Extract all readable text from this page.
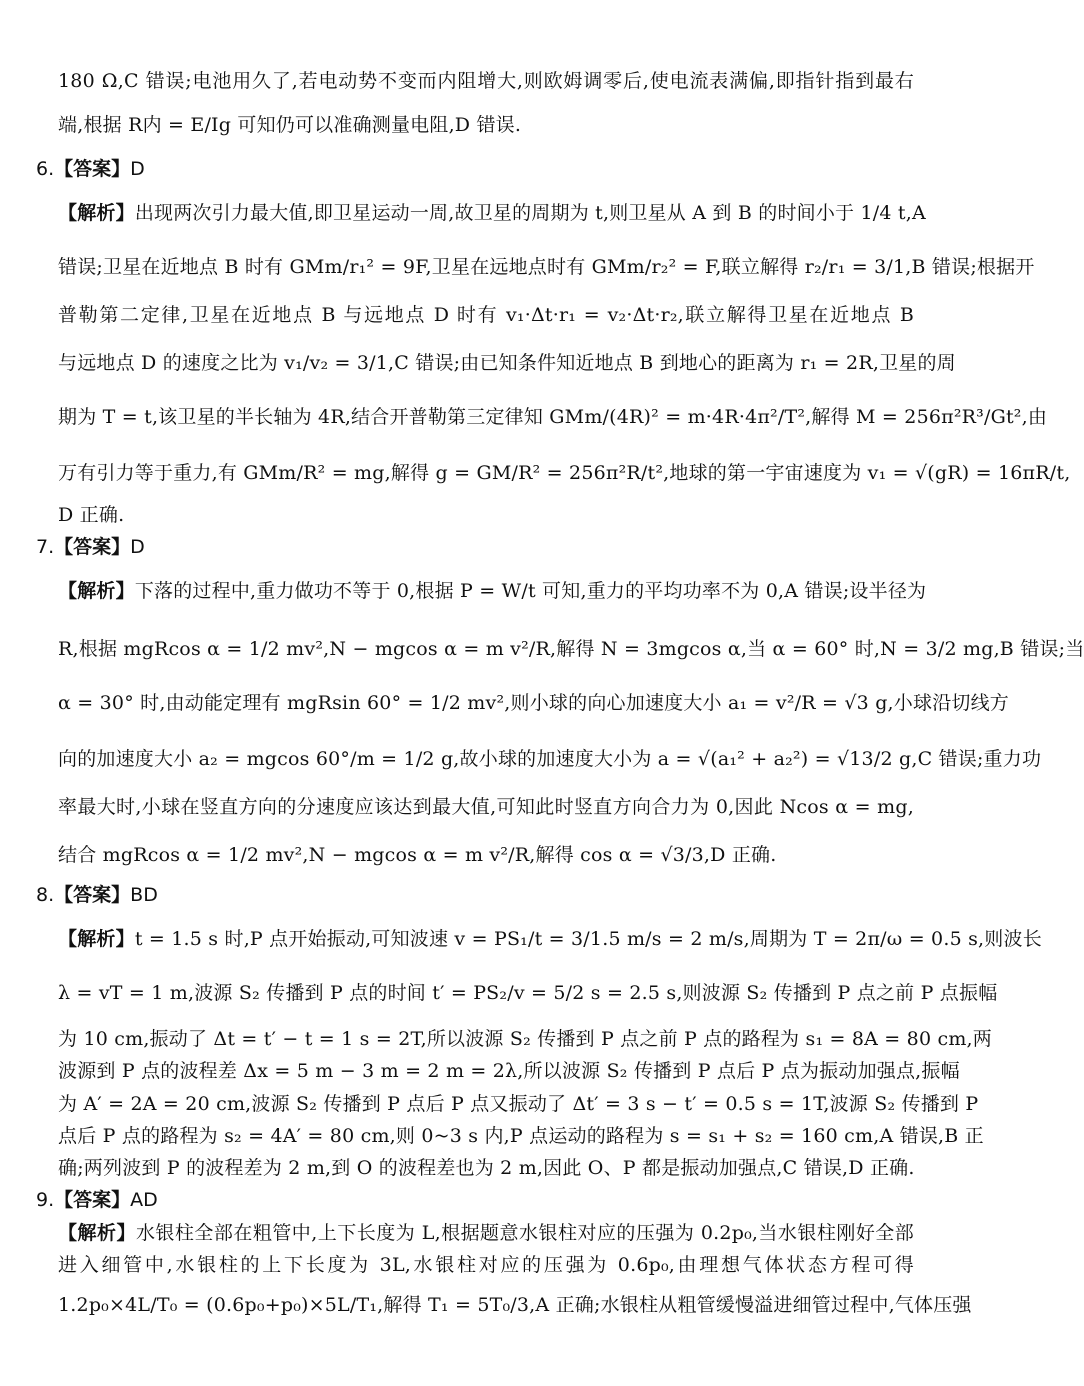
180 Ω,C 错误;电池用久了,若电动势不变而内阻增大,则欧姆调零后,使电流表满偏,即指针指到最右
端,根据 R内 = E/Ig 可知仍可以准确测量电阻,D 错误.
6.【答案】D
【解析】出现两次引力最大值,即卫星运动一周,故卫星的周期为 t,则卫星从 A 到 B 的时间小于 1/4 t,A
错误;卫星在近地点 B 时有 GMm/r₁² = 9F,卫星在远地点时有 GMm/r₂² = F,联立解得 r₂/r₁ = 3/1,B 错误;根据开
普勒第二定律,卫星在近地点 B 与远地点 D 时有 v₁·Δt·r₁ = v₂·Δt·r₂,联立解得卫星在近地点 B
与远地点 D 的速度之比为 v₁/v₂ = 3/1,C 错误;由已知条件知近地点 B 到地心的距离为 r₁ = 2R,卫星的周
期为 T = t,该卫星的半长轴为 4R,结合开普勒第三定律知 GMm/(4R)² = m·4R·4π²/T²,解得 M = 256π²R³/Gt²,由
万有引力等于重力,有 GMm/R² = mg,解得 g = GM/R² = 256π²R/t²,地球的第一宇宙速度为 v₁ = √(gR) = 16πR/t,
D 正确.
7.【答案】D
【解析】下落的过程中,重力做功不等于 0,根据 P = W/t 可知,重力的平均功率不为 0,A 错误;设半径为
R,根据 mgRcos α = 1/2 mv²,N − mgcos α = m v²/R,解得 N = 3mgcos α,当 α = 60° 时,N = 3/2 mg,B 错误;当
α = 30° 时,由动能定理有 mgRsin 60° = 1/2 mv²,则小球的向心加速度大小 a₁ = v²/R = √3 g,小球沿切线方
向的加速度大小 a₂ = mgcos 60°/m = 1/2 g,故小球的加速度大小为 a = √(a₁² + a₂²) = √13/2 g,C 错误;重力功
率最大时,小球在竖直方向的分速度应该达到最大值,可知此时竖直方向合力为 0,因此 Ncos α = mg,
结合 mgRcos α = 1/2 mv²,N − mgcos α = m v²/R,解得 cos α = √3/3,D 正确.
8.【答案】BD
【解析】t = 1.5 s 时,P 点开始振动,可知波速 v = PS₁/t = 3/1.5 m/s = 2 m/s,周期为 T = 2π/ω = 0.5 s,则波长
λ = vT = 1 m,波源 S₂ 传播到 P 点的时间 t′ = PS₂/v = 5/2 s = 2.5 s,则波源 S₂ 传播到 P 点之前 P 点振幅
为 10 cm,振动了 Δt = t′ − t = 1 s = 2T,所以波源 S₂ 传播到 P 点之前 P 点的路程为 s₁ = 8A = 80 cm,两
波源到 P 点的波程差 Δx = 5 m − 3 m = 2 m = 2λ,所以波源 S₂ 传播到 P 点后 P 点为振动加强点,振幅
为 A′ = 2A = 20 cm,波源 S₂ 传播到 P 点后 P 点又振动了 Δt′ = 3 s − t′ = 0.5 s = 1T,波源 S₂ 传播到 P
点后 P 点的路程为 s₂ = 4A′ = 80 cm,则 0~3 s 内,P 点运动的路程为 s = s₁ + s₂ = 160 cm,A 错误,B 正
确;两列波到 P 的波程差为 2 m,到 O 的波程差也为 2 m,因此 O、P 都是振动加强点,C 错误,D 正确.
9.【答案】AD
【解析】水银柱全部在粗管中,上下长度为 L,根据题意水银柱对应的压强为 0.2p₀,当水银柱刚好全部
进入细管中,水银柱的上下长度为 3L,水银柱对应的压强为 0.6p₀,由理想气体状态方程可得
1.2p₀×4L/T₀ = (0.6p₀+p₀)×5L/T₁,解得 T₁ = 5T₀/3,A 正确;水银柱从粗管缓慢溢进细管过程中,气体压强
